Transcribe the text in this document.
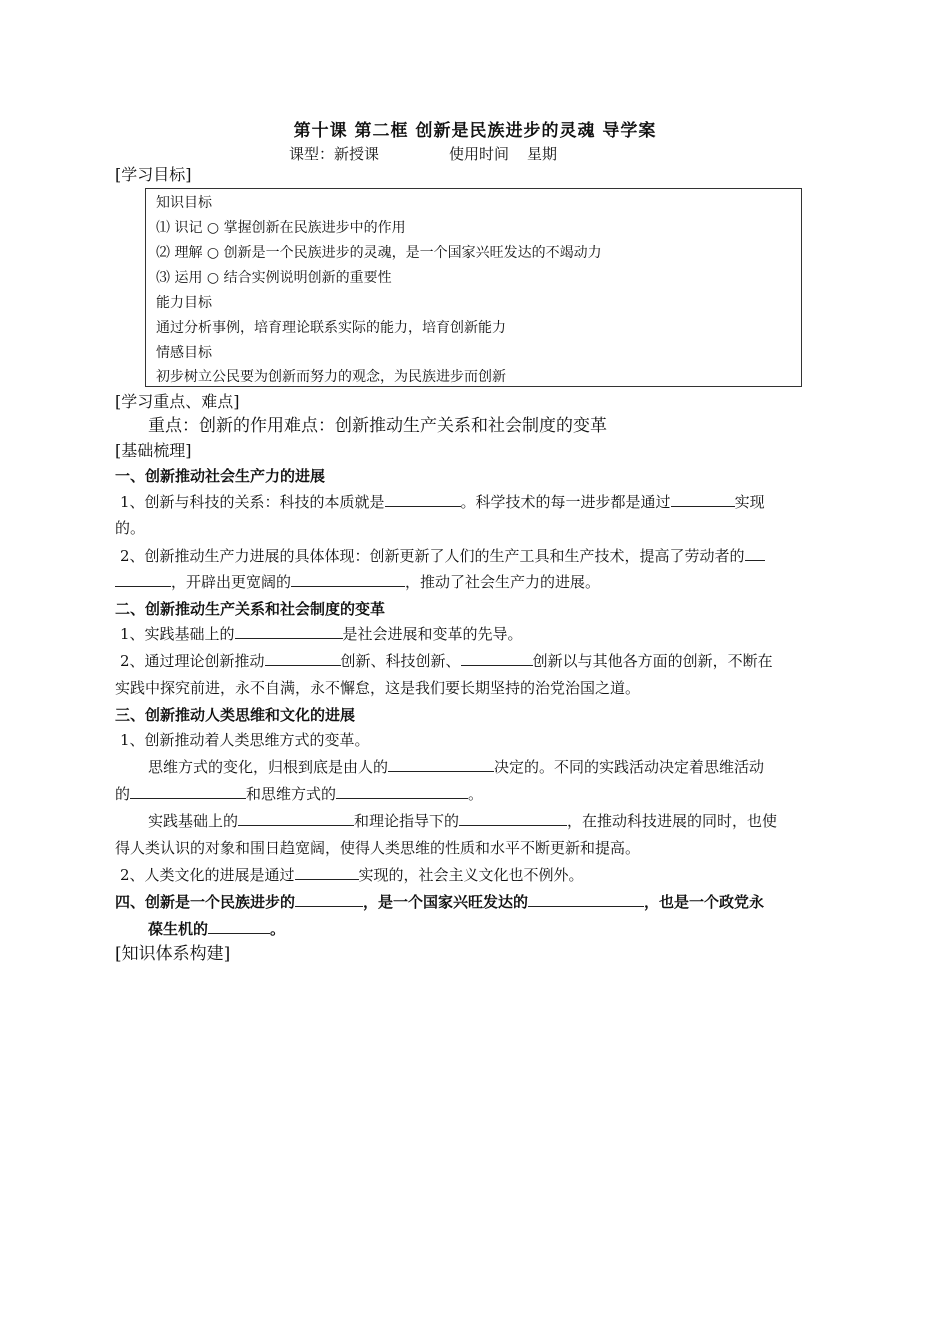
第十课 第二框 创新是民族进步的灵魂 导学案
课型：新授课	使用时间 星期
[学习目标]
知识目标
⑴ 识记 ○ 掌握创新在民族进步中的作用
⑵ 理解 ○ 创新是一个民族进步的灵魂，是一个国家兴旺发达的不竭动力
⑶ 运用 ○ 结合实例说明创新的重要性
能力目标
通过分析事例，培育理论联系实际的能力，培育创新能力
情感目标
初步树立公民要为创新而努力的观念，为民族进步而创新
[学习重点、难点]
重点：创新的作用难点：创新推动生产关系和社会制度的变革
[基础梳理]
一、创新推动社会生产力的进展
1、创新与科技的关系：科技的本质就是	。科学技术的每一进步都是通过	实现
的。
2、创新推动生产力进展的具体体现：创新更新了人们的生产工具和生产技术，提高了劳动者的
，开辟出更宽阔的	，推动了社会生产力的进展。
二、创新推动生产关系和社会制度的变革
1、实践基础上的	是社会进展和变革的先导。
2、通过理论创新推动	创新、科技创新、	创新以与其他各方面的创新，不断在
实践中探究前进，永不自满，永不懈怠，这是我们要长期坚持的治党治国之道。
三、创新推动人类思维和文化的进展
1、创新推动着人类思维方式的变革。
思维方式的变化，归根到底是由人的	决定的。不同的实践活动决定着思维活动
的	和思维方式的	。
实践基础上的	和理论指导下的	，在推动科技进展的同时，也使
得人类认识的对象和围日趋宽阔，使得人类思维的性质和水平不断更新和提高。
2、人类文化的进展是通过	实现的，社会主义文化也不例外。
四、创新是一个民族进步的	，是一个国家兴旺发达的	，也是一个政党永
葆生机的	。
[知识体系构建]
